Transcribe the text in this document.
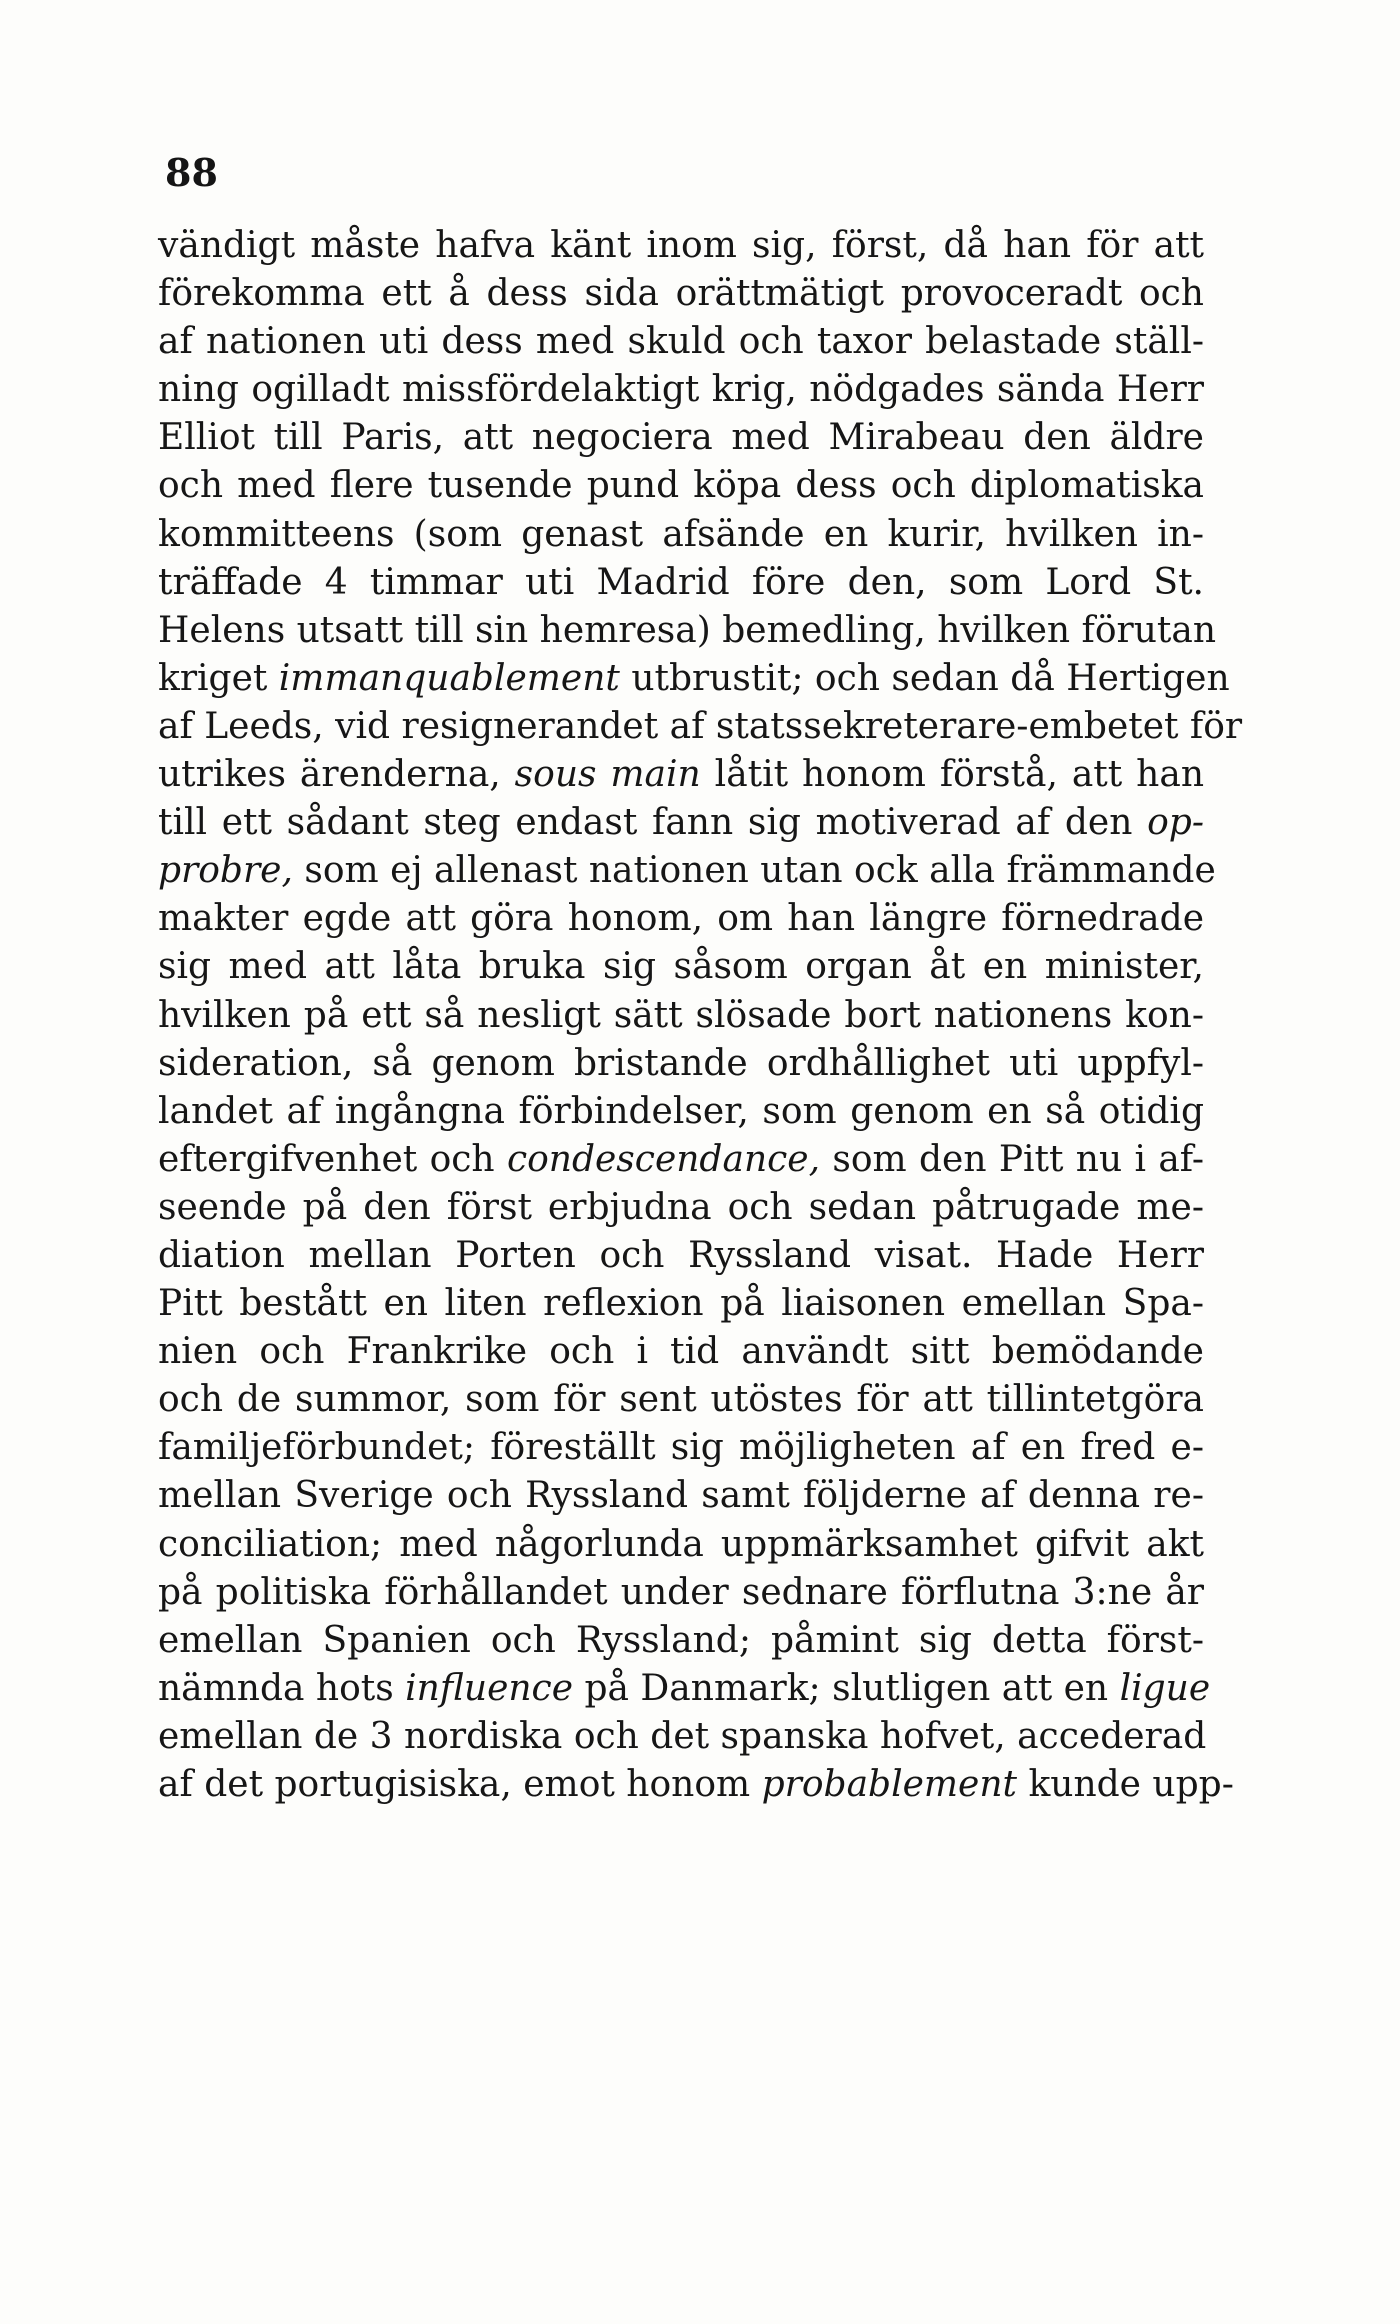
88
vändigt måste hafva känt inom sig, först, då han för att
förekomma ett å dess sida orättmätigt provoceradt och
af nationen uti dess med skuld och taxor belastade ställ-
ning ogilladt missfördelaktigt krig, nödgades sända Herr
Elliot till Paris, att negociera med Mirabeau den äldre
och med flere tusende pund köpa dess och diplomatiska
kommitteens (som genast afsände en kurir, hvilken in-
träffade 4 timmar uti Madrid före den, som Lord St.
Helens utsatt till sin hemresa) bemedling, hvilken förutan
kriget immanquablement utbrustit; och sedan då Hertigen
af Leeds, vid resignerandet af statssekreterare-embetet för
utrikes ärenderna, sous main låtit honom förstå, att han
till ett sådant steg endast fann sig motiverad af den op-
probre, som ej allenast nationen utan ock alla främmande
makter egde att göra honom, om han längre förnedrade
sig med att låta bruka sig såsom organ åt en minister,
hvilken på ett så nesligt sätt slösade bort nationens kon-
sideration, så genom bristande ordhållighet uti uppfyl-
landet af ingångna förbindelser, som genom en så otidig
eftergifvenhet och condescendance, som den Pitt nu i af-
seende på den först erbjudna och sedan påtrugade me-
diation mellan Porten och Ryssland visat. Hade Herr
Pitt bestått en liten reflexion på liaisonen emellan Spa-
nien och Frankrike och i tid användt sitt bemödande
och de summor, som för sent utöstes för att tillintetgöra
familjeförbundet; föreställt sig möjligheten af en fred e-
mellan Sverige och Ryssland samt följderne af denna re-
conciliation; med någorlunda uppmärksamhet gifvit akt
på politiska förhållandet under sednare förflutna 3:ne år
emellan Spanien och Ryssland; påmint sig detta först-
nämnda hots influence på Danmark; slutligen att en ligue
emellan de 3 nordiska och det spanska hofvet, accederad
af det portugisiska, emot honom probablement kunde upp-
